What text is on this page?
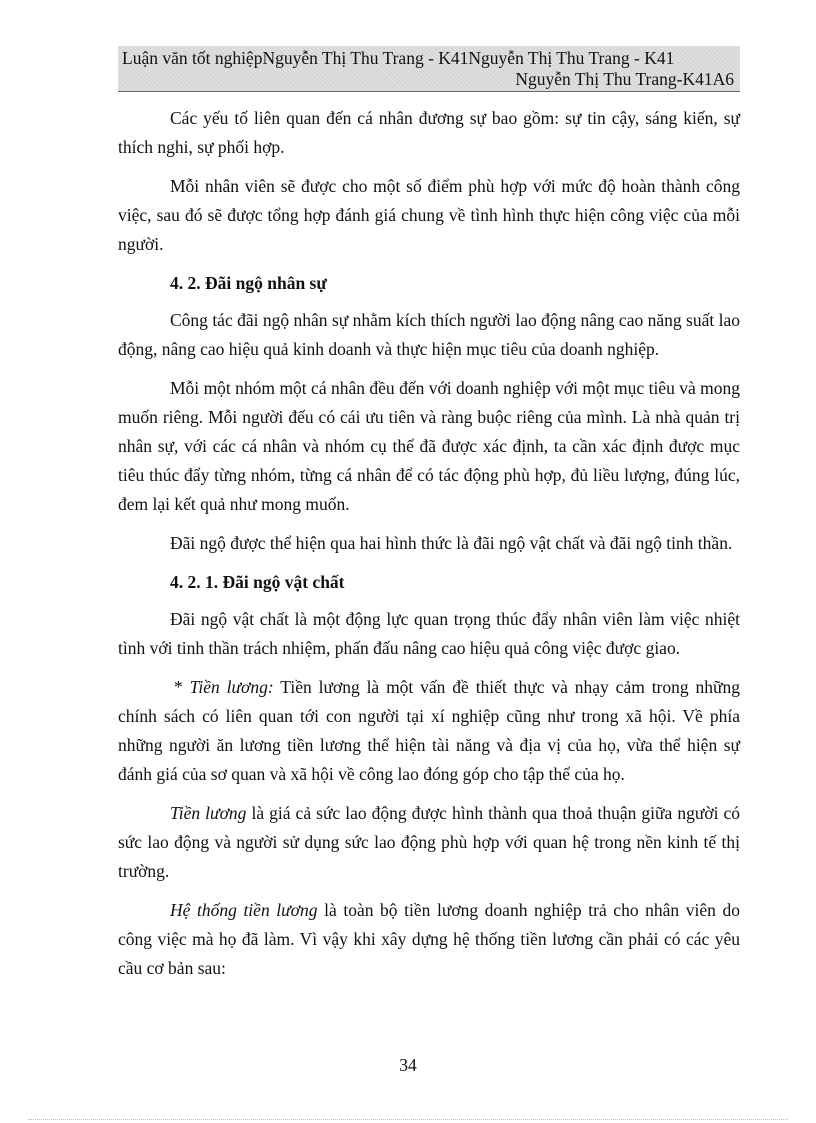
Luận văn tốt nghiệpNguyễn Thị Thu Trang - K41Nguyễn Thị Thu Trang - K41
Nguyễn Thị Thu Trang-K41A6

Các yếu tố liên quan đến cá nhân đương sự bao gồm: sự tin cậy, sáng kiến, sự thích nghi, sự phối hợp.

Mỗi nhân viên sẽ được cho một số điểm phù hợp với mức độ hoàn thành công việc, sau đó sẽ được tổng hợp đánh giá chung về tình hình thực hiện công việc của mỗi người.

4. 2. Đãi ngộ nhân sự

Công tác đãi ngộ nhân sự nhằm kích thích người lao động nâng cao năng suất lao động, nâng cao hiệu quả kinh doanh và thực hiện mục tiêu của doanh nghiệp.

Mỗi một nhóm một cá nhân đều đến với doanh nghiệp với một mục tiêu và mong muốn riêng. Mỗi người đếu có cái ưu tiên và ràng buộc riêng của mình. Là nhà quản trị nhân sự, với các cá nhân và nhóm cụ thể đã được xác định, ta cần xác định được mục tiêu thúc đẩy từng nhóm, từng cá nhân để có tác động phù hợp, đủ liều lượng, đúng lúc, đem lại kết quả như mong muốn.

Đãi ngộ được thể hiện qua hai hình thức là đãi ngộ vật chất và đãi ngộ tinh thần.

4. 2. 1. Đãi ngộ vật chất

Đãi ngộ vật chất là một động lực quan trọng thúc đẩy nhân viên làm việc nhiệt tình với tinh thần trách nhiệm, phấn đấu nâng cao hiệu quả công việc được giao.

* Tiền lương: Tiền lương là một vấn đề thiết thực và nhạy cảm trong những chính sách có liên quan tới con người tại xí nghiệp cũng như trong xã hội. Về phía những người ăn lương tiền lương thể hiện tài năng và địa vị của họ, vừa thể hiện sự đánh giá của sơ quan và xã hội về công lao đóng góp cho tập thể của họ.

Tiền lương là giá cả sức lao động được hình thành qua thoả thuận giữa người có sức lao động và người sử dụng sức lao động phù hợp với quan hệ trong nền kinh tế thị trường.

Hệ thống tiền lương là toàn bộ tiền lương doanh nghiệp trả cho nhân viên do công việc mà họ đã làm. Vì vậy khi xây dựng hệ thống tiền lương cần phải có các yêu cầu cơ bản sau:

34
